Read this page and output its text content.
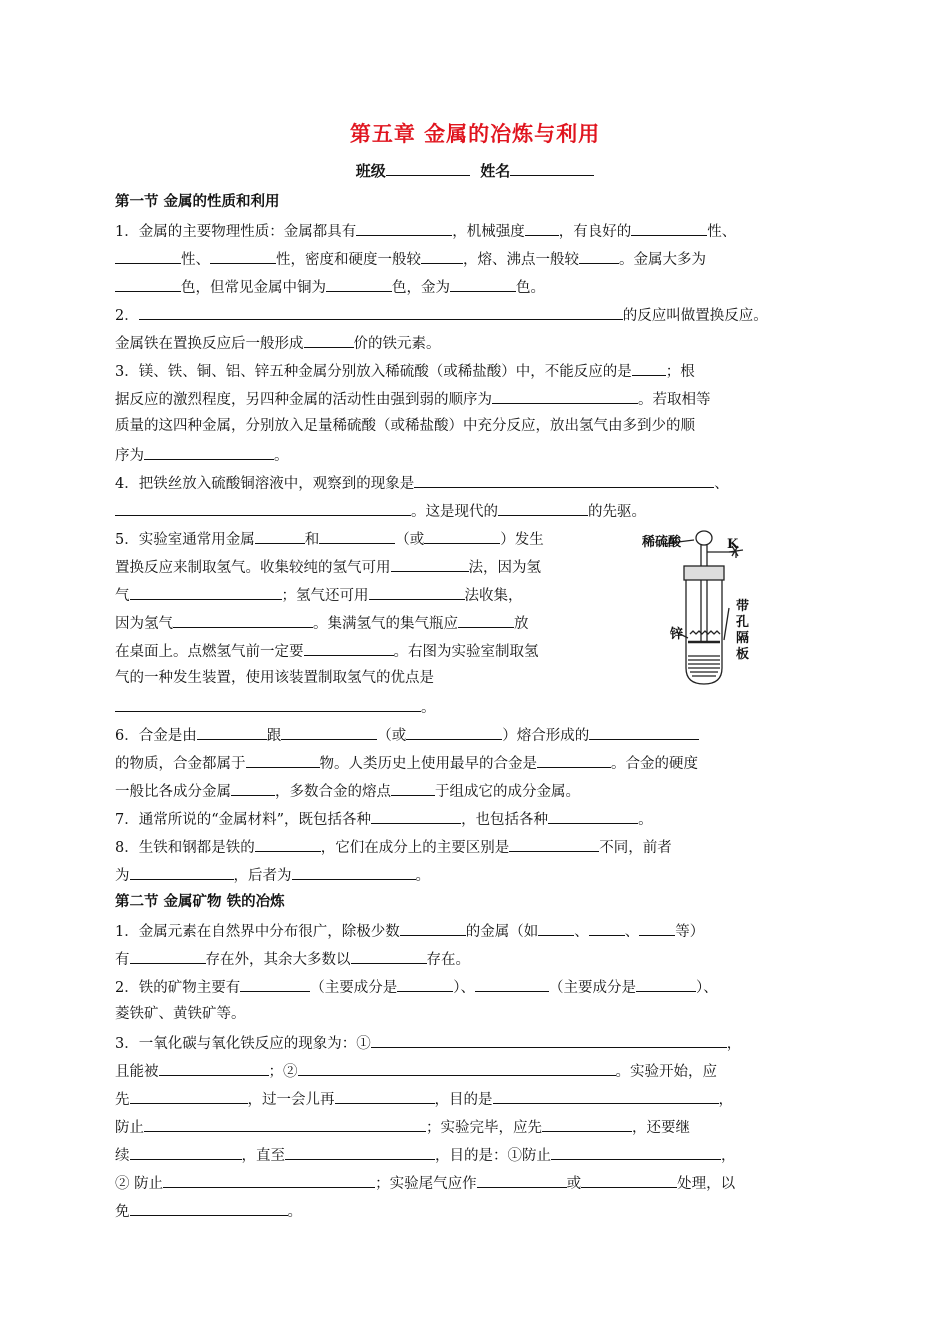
第五章 金属的冶炼与利用
班级	姓名
第一节 金属的性质和利用
1．金属的主要物理性质：金属都具有	，机械强度 ，有良好的	性、
性、	性，密度和硬度一般较	，熔、沸点一般较	。金属大多为
色，但常见金属中铜为	色，金为	色。
2．	的反应叫做置换反应。
金属铁在置换反应后一般形成	价的铁元素。
3．镁、铁、铜、铝、锌五种金属分别放入稀硫酸（或稀盐酸）中，不能反应的是 ；根
据反应的激烈程度，另四种金属的活动性由强到弱的顺序为	。若取相等
质量的这四种金属，分别放入足量稀硫酸（或稀盐酸）中充分反应，放出氢气由多到少的顺
序为	。
4．把铁丝放入硫酸铜溶液中，观察到的现象是	、
。这是现代的	的先驱。
5．实验室通常用金属	和	（或	）发生
置换反应来制取氢气。收集较纯的氢气可用	法，因为氢
气	；氢气还可用	法收集，
因为氢气	。集满氢气的集气瓶应	放
在桌面上。点燃氢气前一定要	。右图为实验室制取氢
气的一种发生装置，使用该装置制取氢气的优点是
。
稀硫酸	K
锌
带
孔
隔
板
6．合金是由	跟	（或	）熔合形成的
的物质，合金都属于	物。人类历史上使用最早的合金是	。合金的硬度
一般比各成分金属	，多数合金的熔点	于组成它的成分金属。
7．通常所说的“金属材料”，既包括各种	，也包括各种	。
8．生铁和钢都是铁的	，它们在成分上的主要区别是	不同，前者
为	，后者为	。
第二节 金属矿物 铁的冶炼
1．金属元素在自然界中分布很广，除极少数	的金属（如 、 、 等）
有	存在外，其余大多数以	存在。
2．铁的矿物主要有	（主要成分是	）、	（主要成分是	）、
菱铁矿、黄铁矿等。
3．一氧化碳与氧化铁反应的现象为：①	，
且能被	；②	。实验开始，应
先	，过一会儿再	，目的是	，
防止	；实验完毕，应先	，还要继
续	，直至	，目的是：①防止	，
② 防止	；实验尾气应作	或	处理，以
免	。
